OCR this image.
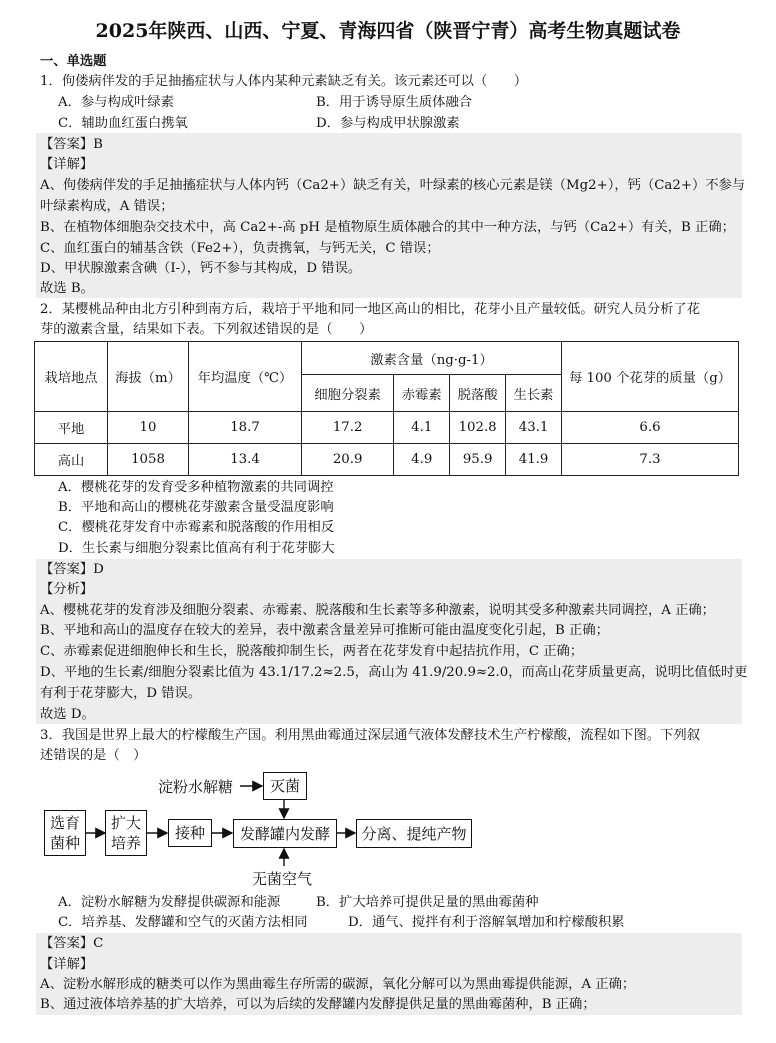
2025年陕西、山西、宁夏、青海四省（陕晋宁青）高考生物真题试卷
一、单选题
1．佝偻病伴发的手足抽搐症状与人体内某种元素缺乏有关。该元素还可以（　　）
A．参与构成叶绿素	B．用于诱导原生质体融合
C．辅助血红蛋白携氧	D．参与构成甲状腺激素
【答案】B
【详解】
A、佝偻病伴发的手足抽搐症状与人体内钙（Ca2+）缺乏有关，叶绿素的核心元素是镁（Mg2+），钙（Ca2+）不参与
叶绿素构成，A 错误；
B、在植物体细胞杂交技术中，高 Ca2+-高 pH 是植物原生质体融合的其中一种方法，与钙（Ca2+）有关，B 正确；
C、血红蛋白的辅基含铁（Fe2+），负责携氧，与钙无关，C 错误；
D、甲状腺激素含碘（I-），钙不参与其构成，D 错误。
故选 B。
2．某樱桃品种由北方引种到南方后，栽培于平地和同一地区高山的相比，花芽小且产量较低。研究人员分析了花
芽的激素含量，结果如下表。下列叙述错误的是（　　）
栽培地点	海拔（m）	年均温度（℃）	激素含量（ng·g-1）				每 100 个花芽的质量（g）
			细胞分裂素	赤霉素	脱落酸	生长素	
平地	10	18.7	17.2	4.1	102.8	43.1	6.6
高山	1058	13.4	20.9	4.9	95.9	41.9	7.3
A．樱桃花芽的发育受多种植物激素的共同调控
B．平地和高山的樱桃花芽激素含量受温度影响
C．樱桃花芽发育中赤霉素和脱落酸的作用相反
D．生长素与细胞分裂素比值高有利于花芽膨大
【答案】D
【分析】
A、樱桃花芽的发育涉及细胞分裂素、赤霉素、脱落酸和生长素等多种激素，说明其受多种激素共同调控，A 正确；
B、平地和高山的温度存在较大的差异，表中激素含量差异可推断可能由温度变化引起，B 正确；
C、赤霉素促进细胞伸长和生长，脱落酸抑制生长，两者在花芽发育中起拮抗作用，C 正确；
D、平地的生长素/细胞分裂素比值为 43.1/17.2≈2.5，高山为 41.9/20.9≈2.0，而高山花芽质量更高，说明比值低时更
有利于花芽膨大，D 错误。
故选 D。
3．我国是世界上最大的柠檬酸生产国。利用黑曲霉通过深层通气液体发酵技术生产柠檬酸，流程如下图。下列叙
述错误的是（　）
淀粉水解糖 灭菌
选育
菌种
扩大
培养
接种 发酵罐内发酵 分离、提纯产物
无菌空气
A．淀粉水解糖为发酵提供碳源和能源	B．扩大培养可提供足量的黑曲霉菌种
C．培养基、发酵罐和空气的灭菌方法相同	D．通气、搅拌有利于溶解氧增加和柠檬酸积累
【答案】C
【详解】
A、淀粉水解形成的糖类可以作为黑曲霉生存所需的碳源，氧化分解可以为黑曲霉提供能源，A 正确；
B、通过液体培养基的扩大培养，可以为后续的发酵罐内发酵提供足量的黑曲霉菌种，B 正确；
